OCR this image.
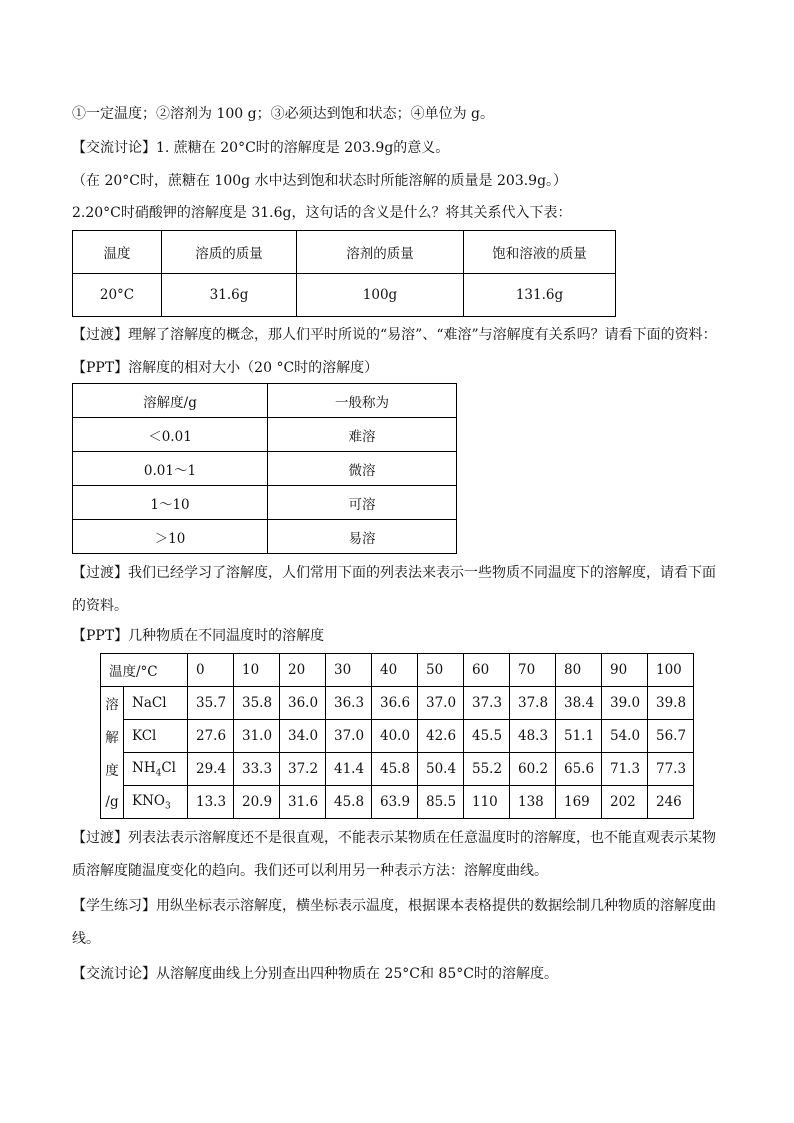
①一定温度；②溶剂为 100 g；③必须达到饱和状态；④单位为 g。
【交流讨论】1. 蔗糖在 20°C时的溶解度是 203.9g的意义。
（在 20°C时，蔗糖在 100g 水中达到饱和状态时所能溶解的质量是 203.9g。）
2.20°C时硝酸钾的溶解度是 31.6g，这句话的含义是什么？将其关系代入下表：
温度	溶质的质量	溶剂的质量	饱和溶液的质量
20°C	31.6g	100g	131.6g
【过渡】理解了溶解度的概念，那人们平时所说的“易溶”、“难溶”与溶解度有关系吗？请看下面的资料：
【PPT】溶解度的相对大小（20 °C时的溶解度）
溶解度/g	一般称为
＜0.01	难溶
0.01～1	微溶
1～10	可溶
＞10	易溶
【过渡】我们已经学习了溶解度，人们常用下面的列表法来表示一些物质不同温度下的溶解度，请看下面的资料。
【PPT】几种物质在不同温度时的溶解度
温度/°C		0	10	20	30	40	50	60	70	80	90	100
溶	NaCl	35.7	35.8	36.0	36.3	36.6	37.0	37.3	37.8	38.4	39.0	39.8
解	KCl	27.6	31.0	34.0	37.0	40.0	42.6	45.5	48.3	51.1	54.0	56.7
度	$NH_4Cl$	29.4	33.3	37.2	41.4	45.8	50.4	55.2	60.2	65.6	71.3	77.3
/g	$KNO_3$	13.3	20.9	31.6	45.8	63.9	85.5	110	138	169	202	246
【过渡】列表法表示溶解度还不是很直观，不能表示某物质在任意温度时的溶解度，也不能直观表示某物质溶解度随温度变化的趋向。我们还可以利用另一种表示方法：溶解度曲线。
【学生练习】用纵坐标表示溶解度，横坐标表示温度，根据课本表格提供的数据绘制几种物质的溶解度曲线。
【交流讨论】从溶解度曲线上分别查出四种物质在 25°C和 85°C时的溶解度。
